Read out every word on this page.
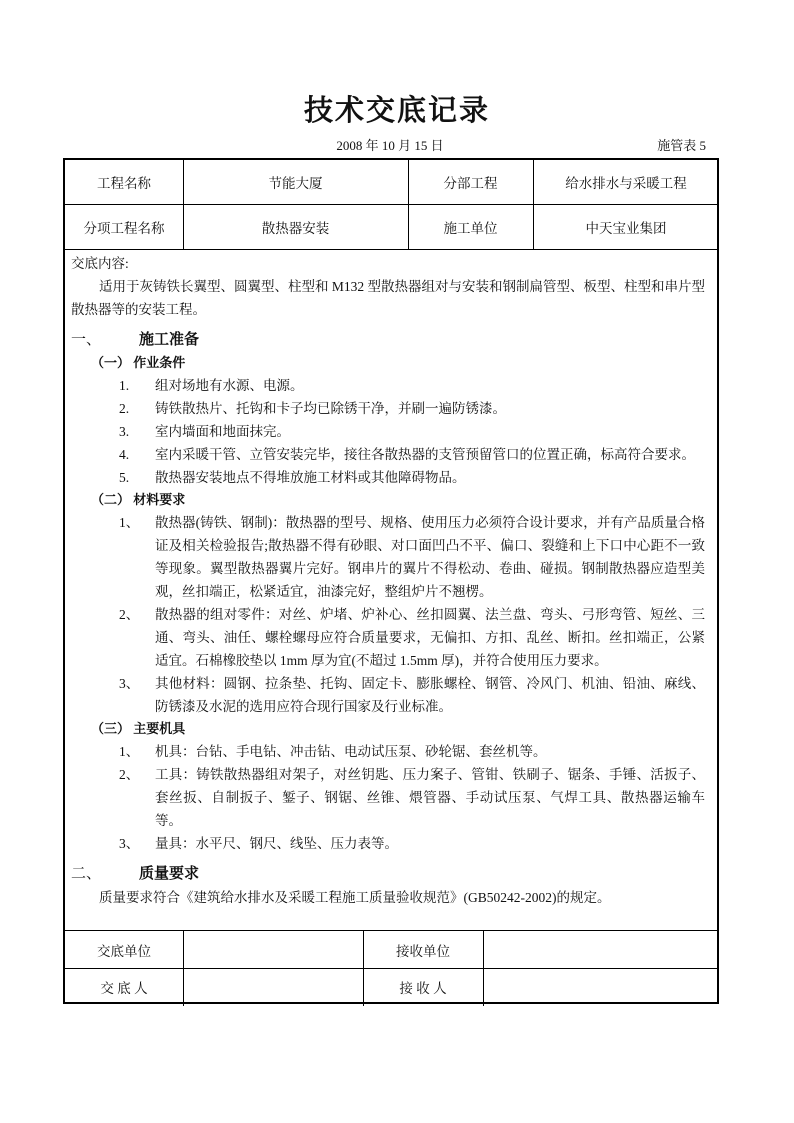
技术交底记录
2008 年 10 月 15 日	施管表 5
工程名称	节能大厦	分部工程	给水排水与采暖工程
分项工程名称	散热器安装	施工单位	中天宝业集团

交底内容:

适用于灰铸铁长翼型、圆翼型、柱型和 M132 型散热器组对与安装和钢制扁管型、板型、柱型和串片型散热器等的安装工程。

一、	施工准备
（一） 作业条件
1.	组对场地有水源、电源。
2.	铸铁散热片、托钩和卡子均已除锈干净，并刷一遍防锈漆。
3.	室内墙面和地面抹完。
4.	室内采暖干管、立管安装完毕，接往各散热器的支管预留管口的位置正确，标高符合要求。
5.	散热器安装地点不得堆放施工材料或其他障碍物品。
（二） 材料要求
1、	散热器(铸铁、钢制)：散热器的型号、规格、使用压力必须符合设计要求，并有产品质量合格证及相关检验报告;散热器不得有砂眼、对口面凹凸不平、偏口、裂缝和上下口中心距不一致等现象。翼型散热器翼片完好。钢串片的翼片不得松动、卷曲、碰损。钢制散热器应造型美观，丝扣端正，松紧适宜，油漆完好，整组炉片不翘楞。
2、	散热器的组对零件：对丝、炉堵、炉补心、丝扣圆翼、法兰盘、弯头、弓形弯管、短丝、三通、弯头、油任、螺栓螺母应符合质量要求，无偏扣、方扣、乱丝、断扣。丝扣端正，公紧适宜。石棉橡胶垫以 1mm 厚为宜(不超过 1.5mm 厚)，并符合使用压力要求。
3、	其他材料：圆钢、拉条垫、托钩、固定卡、膨胀螺栓、钢管、冷风门、机油、铅油、麻线、防锈漆及水泥的选用应符合现行国家及行业标准。
（三） 主要机具
1、	机具：台钻、手电钻、冲击钻、电动试压泵、砂轮锯、套丝机等。
2、	工具：铸铁散热器组对架子，对丝钥匙、压力案子、管钳、铁刷子、锯条、手锤、活扳子、套丝扳、自制扳子、錾子、钢锯、丝锥、煨管器、手动试压泵、气焊工具、散热器运输车等。
3、	量具：水平尺、钢尺、线坠、压力表等。
二、	质量要求

质量要求符合《建筑给水排水及采暖工程施工质量验收规范》(GB50242-2002)的规定。

交底单位	接收单位
交 底 人	接 收 人
